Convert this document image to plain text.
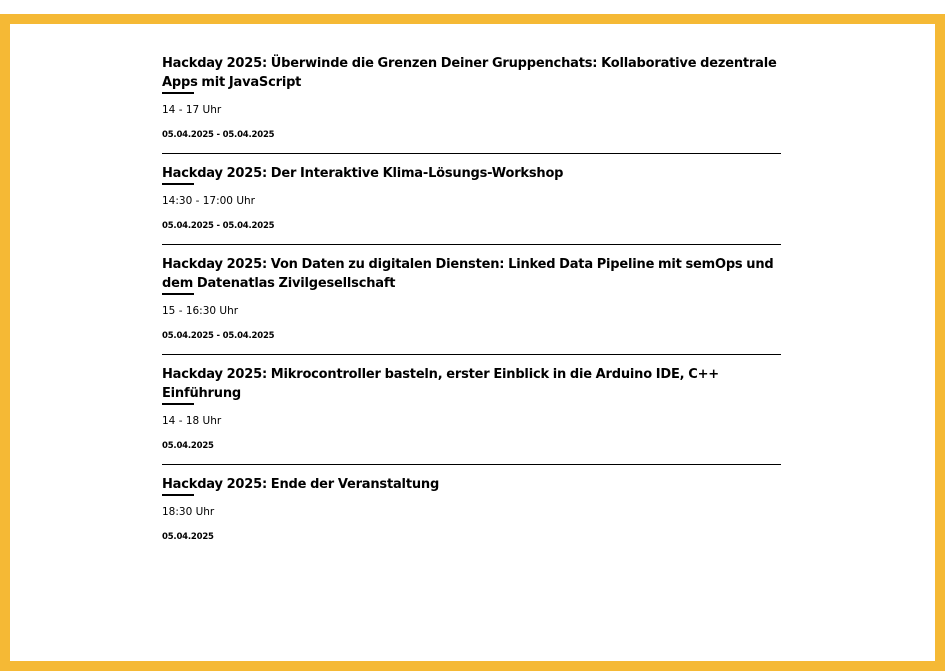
Hackday 2025: Überwinde die Grenzen Deiner Gruppenchats: Kollaborative dezentrale Apps mit JavaScript
14 - 17 Uhr
05.04.2025 - 05.04.2025
Hackday 2025: Der Interaktive Klima-Lösungs-Workshop
14:30 - 17:00 Uhr
05.04.2025 - 05.04.2025
Hackday 2025: Von Daten zu digitalen Diensten: Linked Data Pipeline mit semOps und dem Datenatlas Zivilgesellschaft
15 - 16:30 Uhr
05.04.2025 - 05.04.2025
Hackday 2025: Mikrocontroller basteln, erster Einblick in die Arduino IDE, C++ Einführung
14 - 18 Uhr
05.04.2025
Hackday 2025: Ende der Veranstaltung
18:30 Uhr
05.04.2025
